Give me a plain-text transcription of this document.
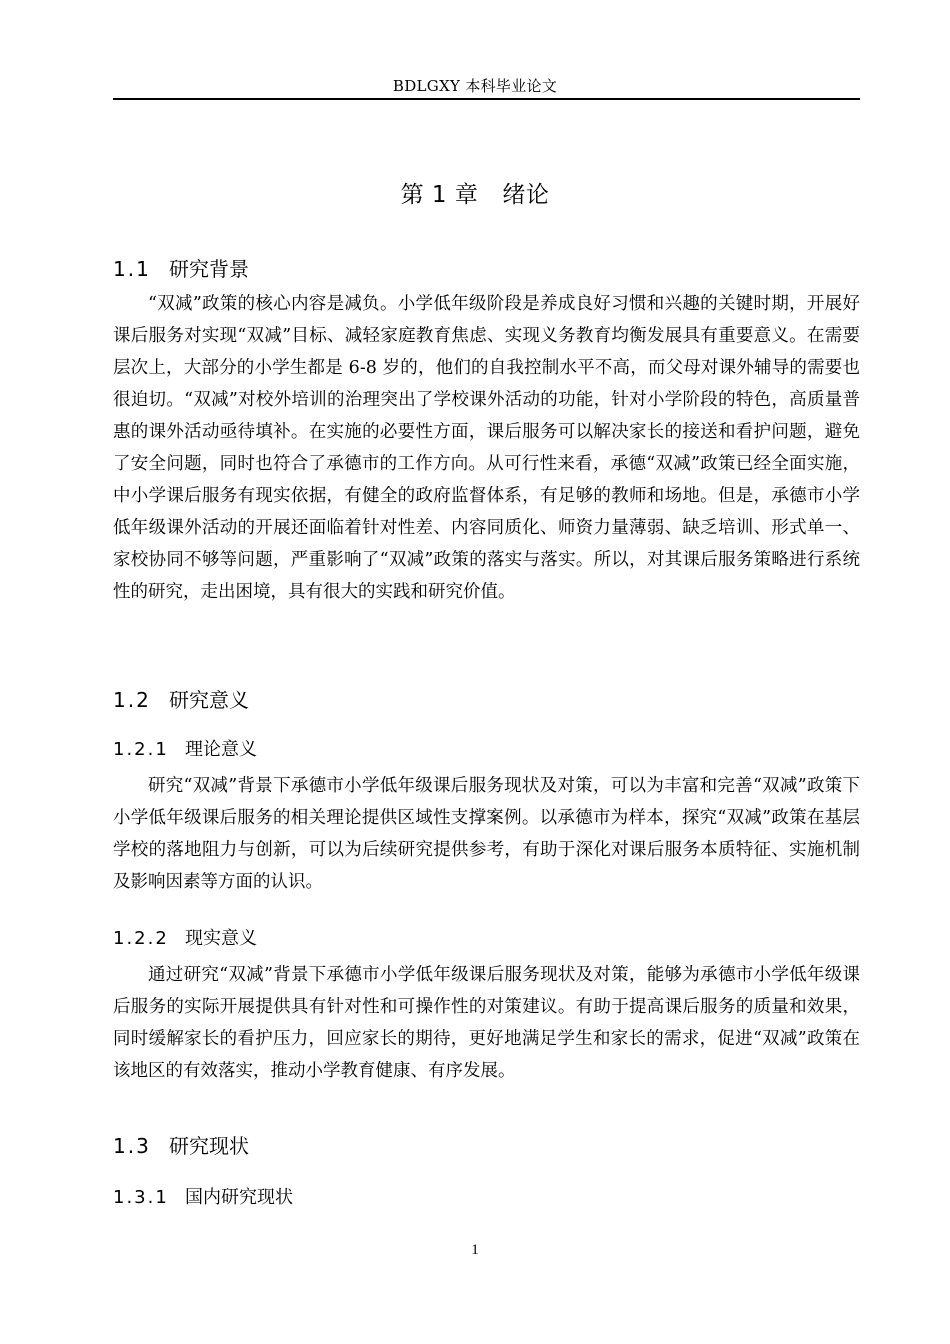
BDLGXY 本科毕业论文
第 1 章 绪论
1.1 研究背景
“双减”政策的核心内容是减负。小学低年级阶段是养成良好习惯和兴趣的关键时期，开展好课后服务对实现“双减”目标、减轻家庭教育焦虑、实现义务教育均衡发展具有重要意义。在需要层次上，大部分的小学生都是 6-8 岁的，他们的自我控制水平不高，而父母对课外辅导的需要也很迫切。“双减”对校外培训的治理突出了学校课外活动的功能，针对小学阶段的特色，高质量普惠的课外活动亟待填补。在实施的必要性方面，课后服务可以解决家长的接送和看护问题，避免了安全问题，同时也符合了承德市的工作方向。从可行性来看，承德“双减”政策已经全面实施，中小学课后服务有现实依据，有健全的政府监督体系，有足够的教师和场地。但是，承德市小学低年级课外活动的开展还面临着针对性差、内容同质化、师资力量薄弱、缺乏培训、形式单一、家校协同不够等问题，严重影响了“双减”政策的落实与落实。所以，对其课后服务策略进行系统性的研究，走出困境，具有很大的实践和研究价值。
1.2 研究意义
1.2.1 理论意义
研究“双减”背景下承德市小学低年级课后服务现状及对策，可以为丰富和完善“双减”政策下小学低年级课后服务的相关理论提供区域性支撑案例。以承德市为样本，探究“双减”政策在基层学校的落地阻力与创新，可以为后续研究提供参考，有助于深化对课后服务本质特征、实施机制及影响因素等方面的认识。
1.2.2 现实意义
通过研究“双减”背景下承德市小学低年级课后服务现状及对策，能够为承德市小学低年级课后服务的实际开展提供具有针对性和可操作性的对策建议。有助于提高课后服务的质量和效果，同时缓解家长的看护压力，回应家长的期待，更好地满足学生和家长的需求，促进“双减”政策在该地区的有效落实，推动小学教育健康、有序发展。
1.3 研究现状
1.3.1 国内研究现状
1
